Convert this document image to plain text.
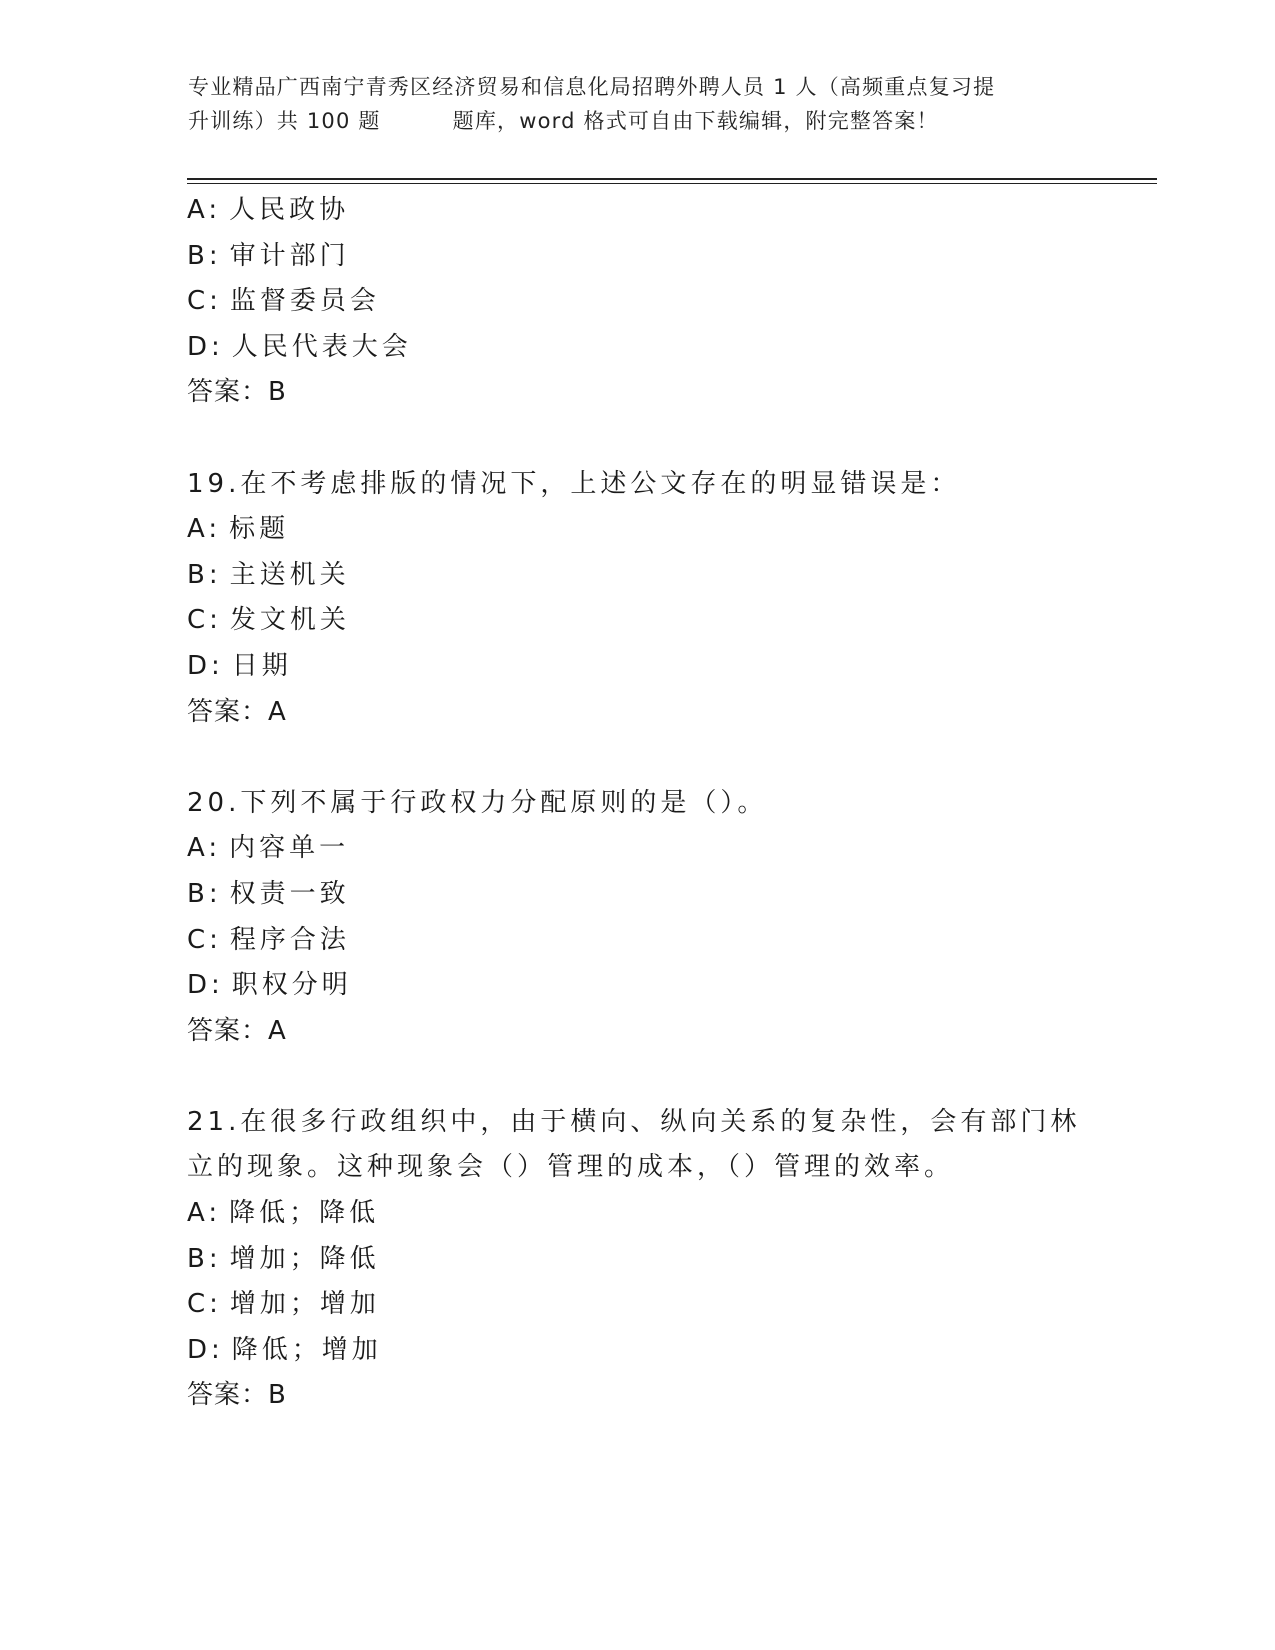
专业精品广西南宁青秀区经济贸易和信息化局招聘外聘人员 1 人（高频重点复习提
升训练）共 100 题	题库，word 格式可自由下载编辑，附完整答案！
A: 人民政协
B: 审计部门
C: 监督委员会
D: 人民代表大会
答案：B
19.在不考虑排版的情况下，上述公文存在的明显错误是：
A: 标题
B: 主送机关
C: 发文机关
D: 日期
答案：A
20.下列不属于行政权力分配原则的是（）。
A: 内容单一
B: 权责一致
C: 程序合法
D: 职权分明
答案：A
21.在很多行政组织中，由于横向、纵向关系的复杂性，会有部门林立的现象。这种现象会（）管理的成本，（）管理的效率。
A: 降低；降低
B: 增加；降低
C: 增加；增加
D: 降低；增加
答案：B
